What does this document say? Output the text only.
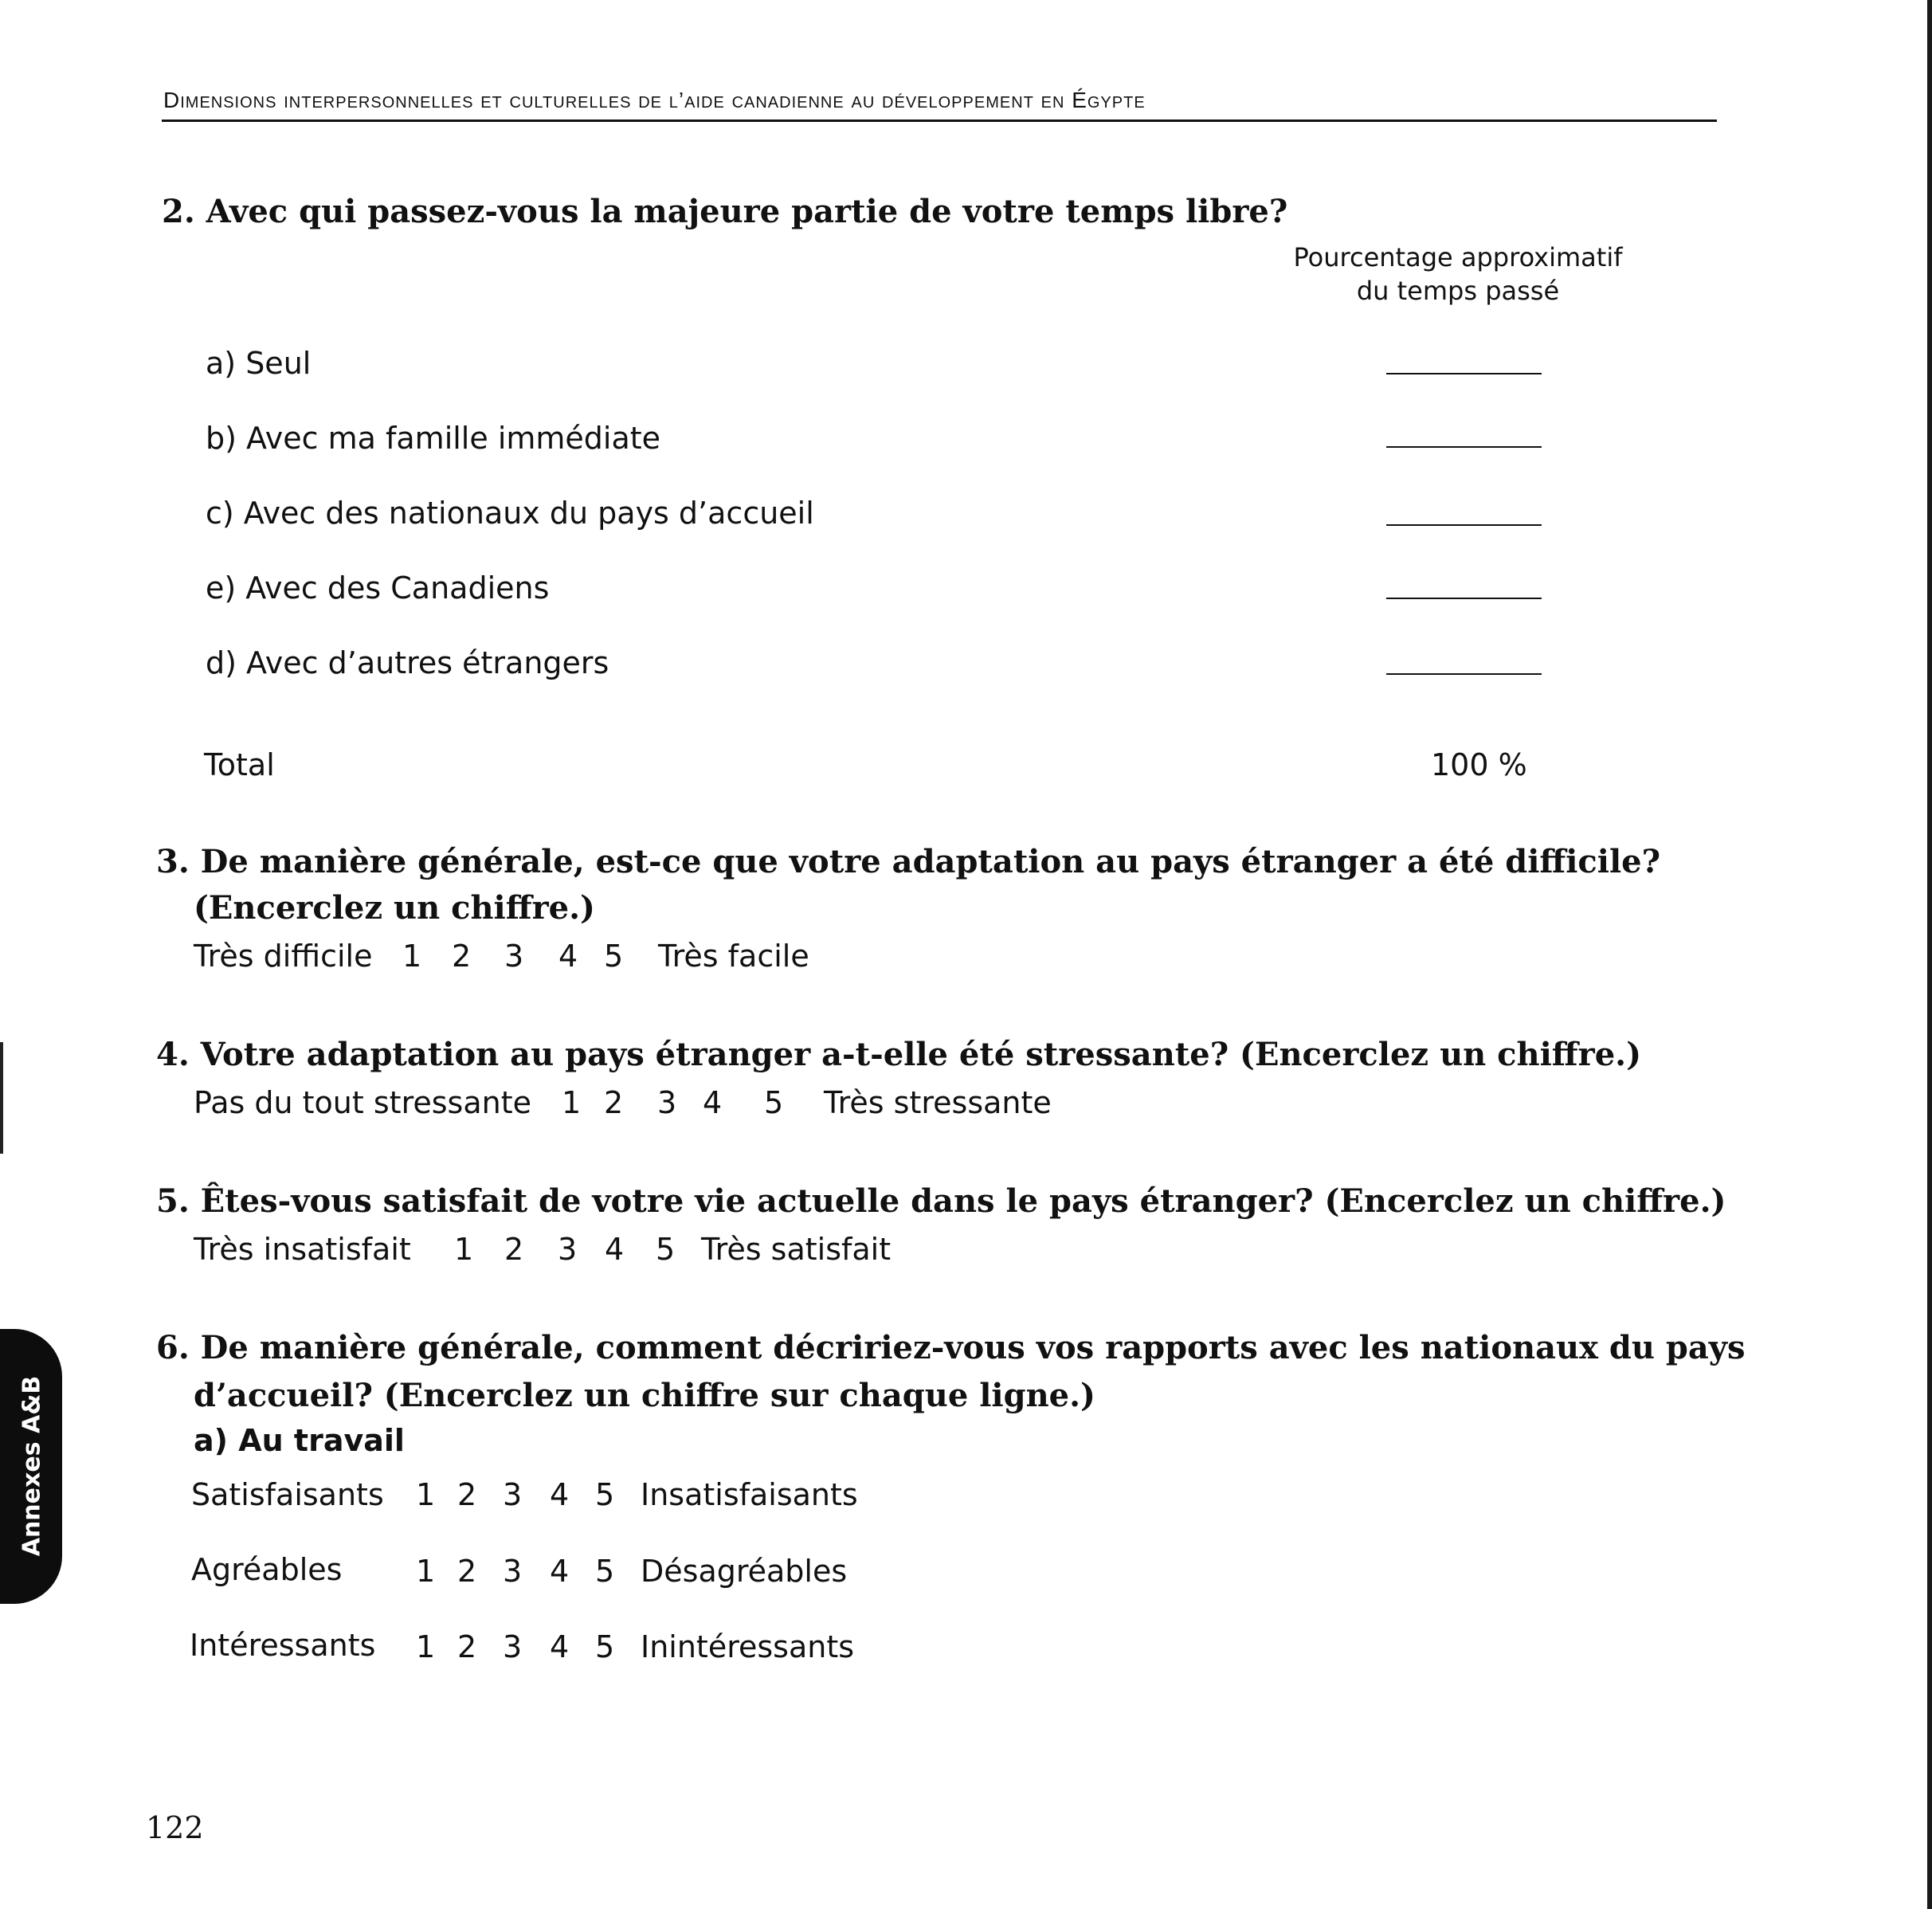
Dimensions interpersonnelles et culturelles de l’aide canadienne au développement en Égypte
2. Avec qui passez-vous la majeure partie de votre temps libre?
Pourcentage approximatif
du temps passé
a) Seul
b) Avec ma famille immédiate
c) Avec des nationaux du pays d’accueil
e) Avec des Canadiens
d) Avec d’autres étrangers
Total	100 %
3. De manière générale, est-ce que votre adaptation au pays étranger a été difficile?
(Encerclez un chiffre.)
Très difficile 1 2 3 4 5 Très facile
4. Votre adaptation au pays étranger a-t-elle été stressante? (Encerclez un chiffre.)
Pas du tout stressante 1 2 3 4 5 Très stressante
5. Êtes-vous satisfait de votre vie actuelle dans le pays étranger? (Encerclez un chiffre.)
Très insatisfait 1 2 3 4 5 Très satisfait
6. De manière générale, comment décririez-vous vos rapports avec les nationaux du pays
d’accueil? (Encerclez un chiffre sur chaque ligne.)
a) Au travail
Satisfaisants 1 2 3 4 5 Insatisfaisants
Agréables 1 2 3 4 5 Désagréables
Intéressants 1 2 3 4 5 Inintéressants
Annexes A&B
122
